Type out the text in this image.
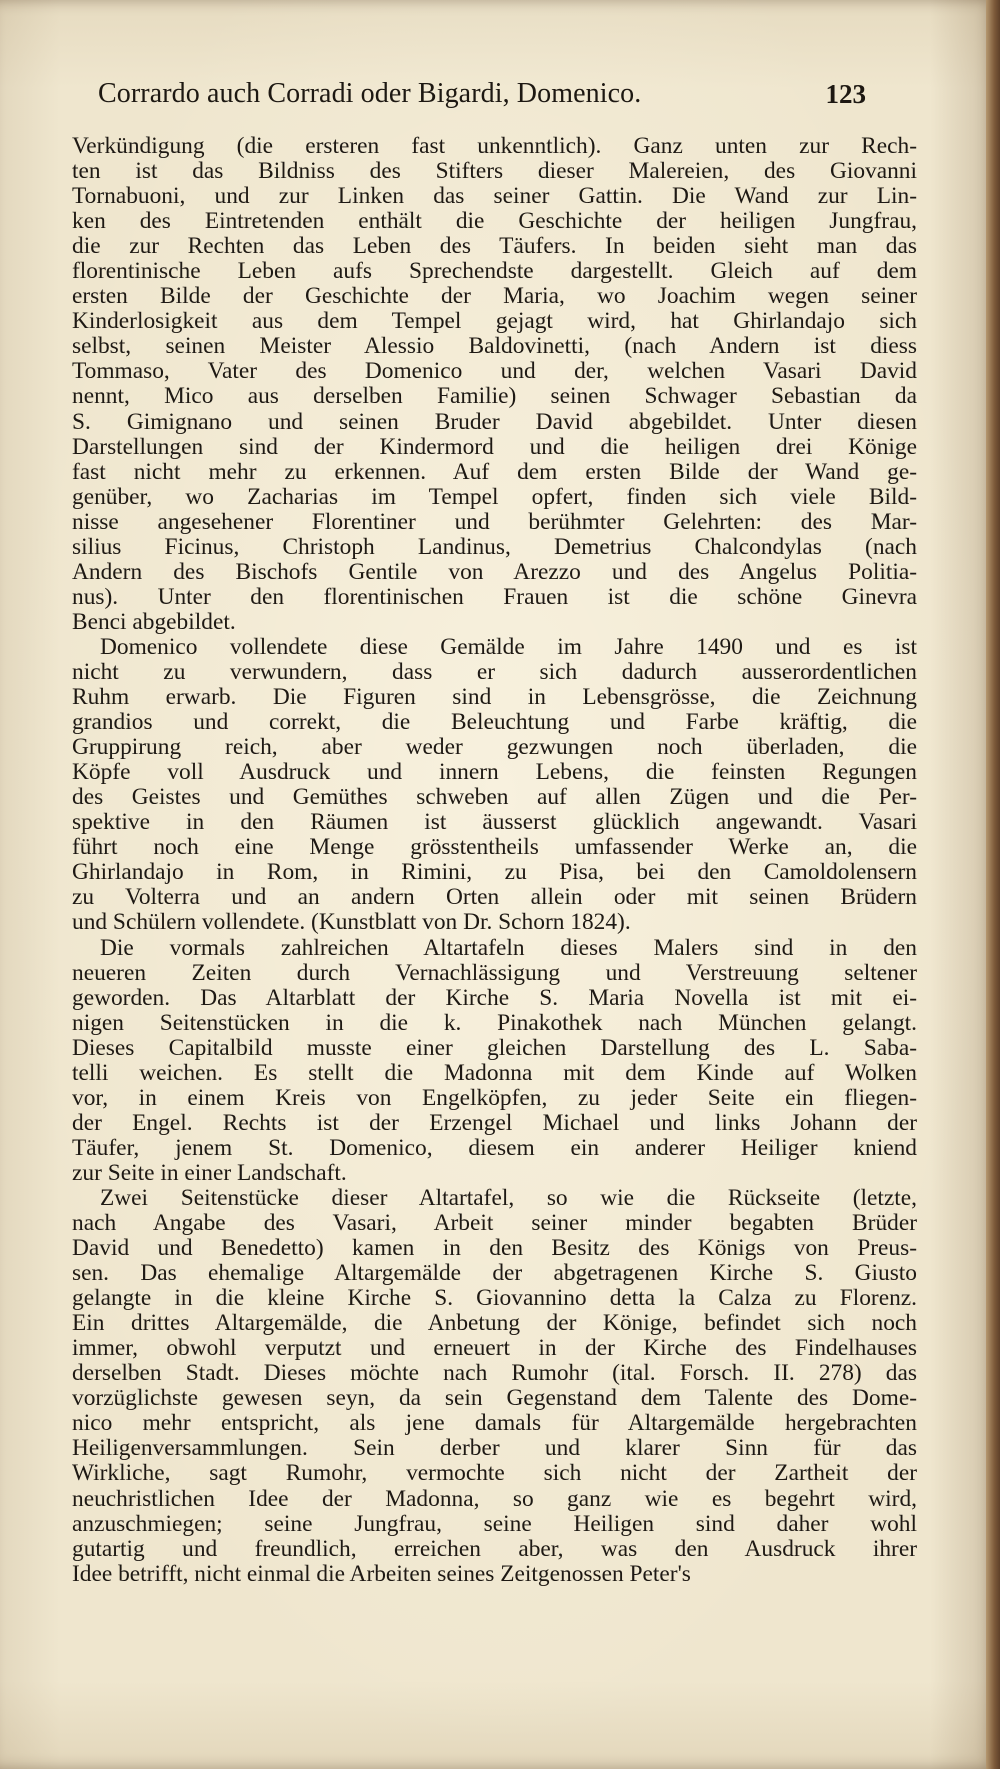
Corrardo auch Corradi oder Bigardi, Domenico.	123

Verkündigung (die ersteren fast unkenntlich). Ganz unten zur Rech-
ten ist das Bildniss des Stifters dieser Malereien, des Giovanni
Tornabuoni, und zur Linken das seiner Gattin. Die Wand zur Lin-
ken des Eintretenden enthält die Geschichte der heiligen Jungfrau,
die zur Rechten das Leben des Täufers. In beiden sieht man das
florentinische Leben aufs Sprechendste dargestellt. Gleich auf dem
ersten Bilde der Geschichte der Maria, wo Joachim wegen seiner
Kinderlosigkeit aus dem Tempel gejagt wird, hat Ghirlandajo sich
selbst, seinen Meister Alessio Baldovinetti, (nach Andern ist diess
Tommaso, Vater des Domenico und der, welchen Vasari David
nennt, Mico aus derselben Familie) seinen Schwager Sebastian da
S. Gimignano und seinen Bruder David abgebildet. Unter diesen
Darstellungen sind der Kindermord und die heiligen drei Könige
fast nicht mehr zu erkennen. Auf dem ersten Bilde der Wand ge-
genüber, wo Zacharias im Tempel opfert, finden sich viele Bild-
nisse angesehener Florentiner und berühmter Gelehrten: des Mar-
silius Ficinus, Christoph Landinus, Demetrius Chalcondylas (nach
Andern des Bischofs Gentile von Arezzo und des Angelus Politia-
nus). Unter den florentinischen Frauen ist die schöne Ginevra
Benci abgebildet.

Domenico vollendete diese Gemälde im Jahre 1490 und es ist
nicht zu verwundern, dass er sich dadurch ausserordentlichen
Ruhm erwarb. Die Figuren sind in Lebensgrösse, die Zeichnung
grandios und correkt, die Beleuchtung und Farbe kräftig, die
Gruppirung reich, aber weder gezwungen noch überladen, die
Köpfe voll Ausdruck und innern Lebens, die feinsten Regungen
des Geistes und Gemüthes schweben auf allen Zügen und die Per-
spektive in den Räumen ist äusserst glücklich angewandt. Vasari
führt noch eine Menge grösstentheils umfassender Werke an, die
Ghirlandajo in Rom, in Rimini, zu Pisa, bei den Camoldolensern
zu Volterra und an andern Orten allein oder mit seinen Brüdern
und Schülern vollendete. (Kunstblatt von Dr. Schorn 1824).

Die vormals zahlreichen Altartafeln dieses Malers sind in den
neueren Zeiten durch Vernachlässigung und Verstreuung seltener
geworden. Das Altarblatt der Kirche S. Maria Novella ist mit ei-
nigen Seitenstücken in die k. Pinakothek nach München gelangt.
Dieses Capitalbild musste einer gleichen Darstellung des L. Saba-
telli weichen. Es stellt die Madonna mit dem Kinde auf Wolken
vor, in einem Kreis von Engelköpfen, zu jeder Seite ein fliegen-
der Engel. Rechts ist der Erzengel Michael und links Johann der
Täufer, jenem St. Domenico, diesem ein anderer Heiliger kniend
zur Seite in einer Landschaft.

Zwei Seitenstücke dieser Altartafel, so wie die Rückseite (letzte,
nach Angabe des Vasari, Arbeit seiner minder begabten Brüder
David und Benedetto) kamen in den Besitz des Königs von Preus-
sen. Das ehemalige Altargemälde der abgetragenen Kirche S. Giusto
gelangte in die kleine Kirche S. Giovannino detta la Calza zu Florenz.
Ein drittes Altargemälde, die Anbetung der Könige, befindet sich noch
immer, obwohl verputzt und erneuert in der Kirche des Findelhauses
derselben Stadt. Dieses möchte nach Rumohr (ital. Forsch. II. 278) das
vorzüglichste gewesen seyn, da sein Gegenstand dem Talente des Dome-
nico mehr entspricht, als jene damals für Altargemälde hergebrachten
Heiligenversammlungen. Sein derber und klarer Sinn für das
Wirkliche, sagt Rumohr, vermochte sich nicht der Zartheit der
neuchristlichen Idee der Madonna, so ganz wie es begehrt wird,
anzuschmiegen; seine Jungfrau, seine Heiligen sind daher wohl
gutartig und freundlich, erreichen aber, was den Ausdruck ihrer
Idee betrifft, nicht einmal die Arbeiten seines Zeitgenossen Peter's
